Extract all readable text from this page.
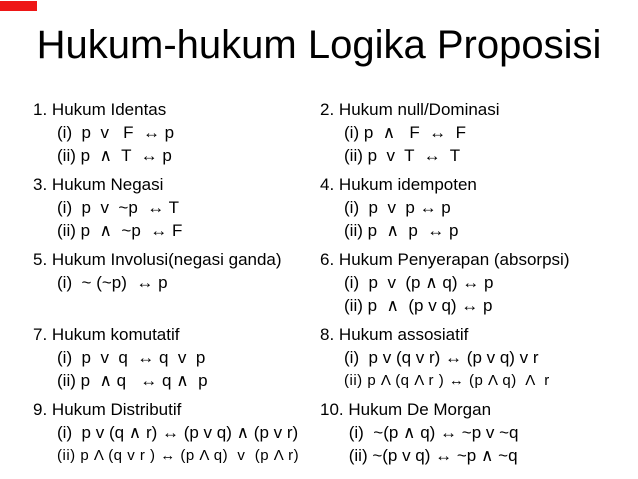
Hukum-hukum Logika Proposisi
1. Hukum Identas
(i)  p  v   F  ↔ p
(ii) p  ∧  T  ↔ p
2. Hukum null/Dominasi
(i) p  ∧   F  ↔  F
(ii) p  v  T  ↔  T
3. Hukum Negasi
(i)  p  v  ~p  ↔ T
(ii) p  ∧  ~p  ↔ F
4. Hukum idempoten
(i)  p  v  p ↔ p
(ii) p  ∧  p  ↔ p
5. Hukum Involusi(negasi ganda)
(i)  ~ (~p)  ↔ p
6. Hukum Penyerapan (absorpsi)
(i)  p  v  (p ∧ q) ↔ p
(ii) p  ∧  (p v q) ↔ p
7. Hukum komutatif
(i)  p  v  q  ↔ q  v  p
(ii) p  ∧ q   ↔ q ∧  p
8. Hukum assosiatif
(i)  p v (q v r) ↔ (p v q) v r
(ii) p Λ (q Λ r ) ↔ (p Λ q)  Λ  r
9. Hukum Distributif
(i)  p v (q ∧ r) ↔ (p v q) ∧ (p v r)
(ii) p Λ (q v r ) ↔ (p Λ q)  v  (p Λ r)
10. Hukum De Morgan
(i)  ~(p ∧ q) ↔ ~p v ~q
(ii) ~(p v q) ↔ ~p ∧ ~q
